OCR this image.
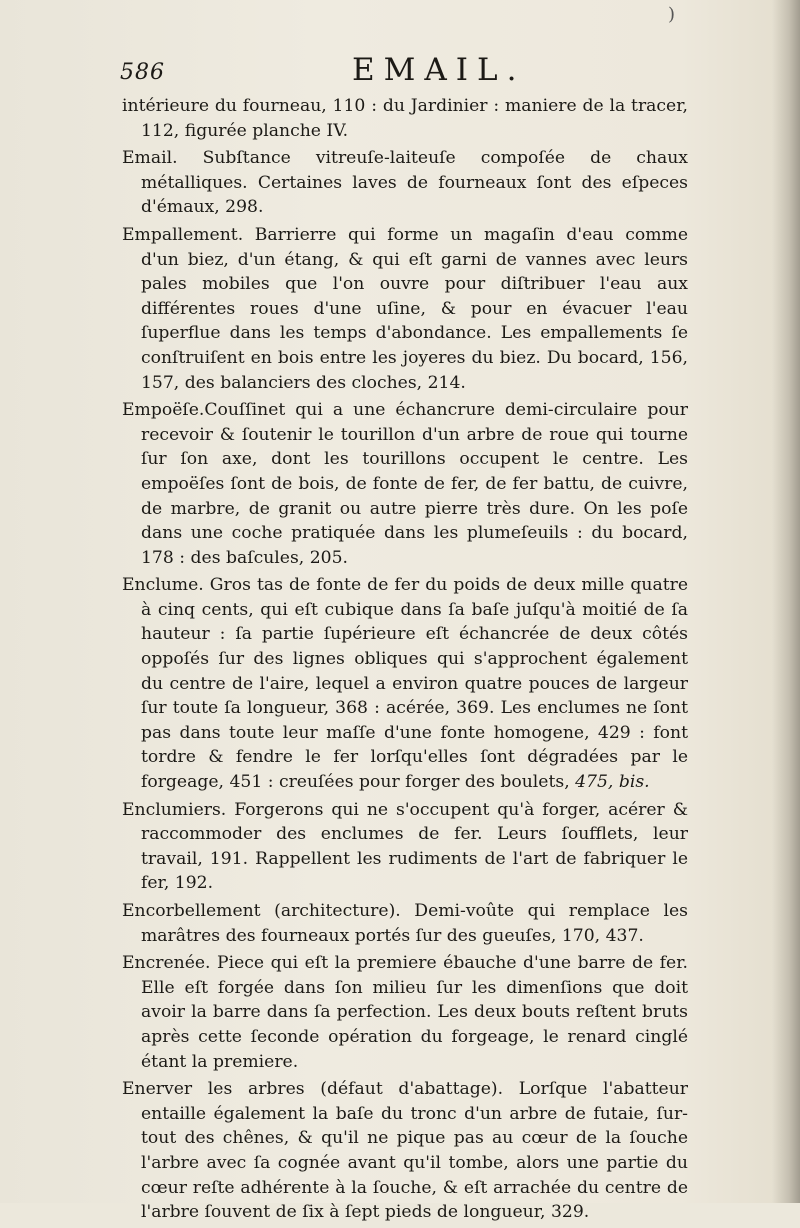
)
586	EMAIL.

intérieure du fourneau, 110 : du Jardinier : maniere de la tracer, 112, figurée planche IV.

Email. Subſtance vitreuſe-laiteuſe compoſée de chaux métalliques. Certaines laves de fourneaux ſont des eſpeces d'émaux, 298.

Empallement. Barrierre qui forme un magaſin d'eau comme d'un biez, d'un étang, & qui eſt garni de vannes avec leurs pales mobiles que l'on ouvre pour diſtribuer l'eau aux différentes roues d'une uſine, & pour en évacuer l'eau ſuperflue dans les temps d'abondance. Les empallements ſe conſtruiſent en bois entre les joyeres du biez. Du bocard, 156, 157, des balanciers des cloches, 214.

Empoëſe.Couſſinet qui a une échancrure demi-circulaire pour recevoir & ſoutenir le tourillon d'un arbre de roue qui tourne ſur ſon axe, dont les tourillons occupent le centre. Les empoëſes ſont de bois, de fonte de fer, de fer battu, de cuivre, de marbre, de granit ou autre pierre très dure. On les poſe dans une coche pratiquée dans les plumeſeuils : du bocard, 178 : des baſcules, 205.

Enclume. Gros tas de fonte de fer du poids de deux mille quatre à cinq cents, qui eſt cubique dans ſa baſe juſqu'à moitié de ſa hauteur : ſa partie ſupérieure eſt échancrée de deux côtés oppoſés ſur des lignes obliques qui s'approchent également du centre de l'aire, lequel a environ quatre pouces de largeur ſur toute ſa longueur, 368 : acérée, 369. Les enclumes ne ſont pas dans toute leur maſſe d'une fonte homogene, 429 : font tordre & fendre le fer lorſqu'elles ſont dégradées par le forgeage, 451 : creuſées pour forger des boulets, 475, bis.

Enclumiers. Forgerons qui ne s'occupent qu'à forger, acérer & raccommoder des enclumes de fer. Leurs ſoufflets, leur travail, 191. Rappellent les rudiments de l'art de fabriquer le fer, 192.

Encorbellement (architecture). Demi-voûte qui remplace les marâtres des fourneaux portés ſur des gueuſes, 170, 437.

Encrenée. Piece qui eſt la premiere ébauche d'une barre de fer. Elle eſt forgée dans ſon milieu ſur les dimenſions que doit avoir la barre dans ſa perfection. Les deux bouts reſtent bruts après cette ſeconde opération du forgeage, le renard cinglé étant la premiere.

Enerver les arbres (défaut d'abattage). Lorſque l'abatteur entaille également la baſe du tronc d'un arbre de futaie, ſur-tout des chênes, & qu'il ne pique pas au cœur de la ſouche l'arbre avec ſa cognée avant qu'il tombe, alors une partie du cœur reſte adhérente à la ſouche, & eſt arrachée du centre de l'arbre ſouvent de ſix à ſept pieds de longueur, 329.
